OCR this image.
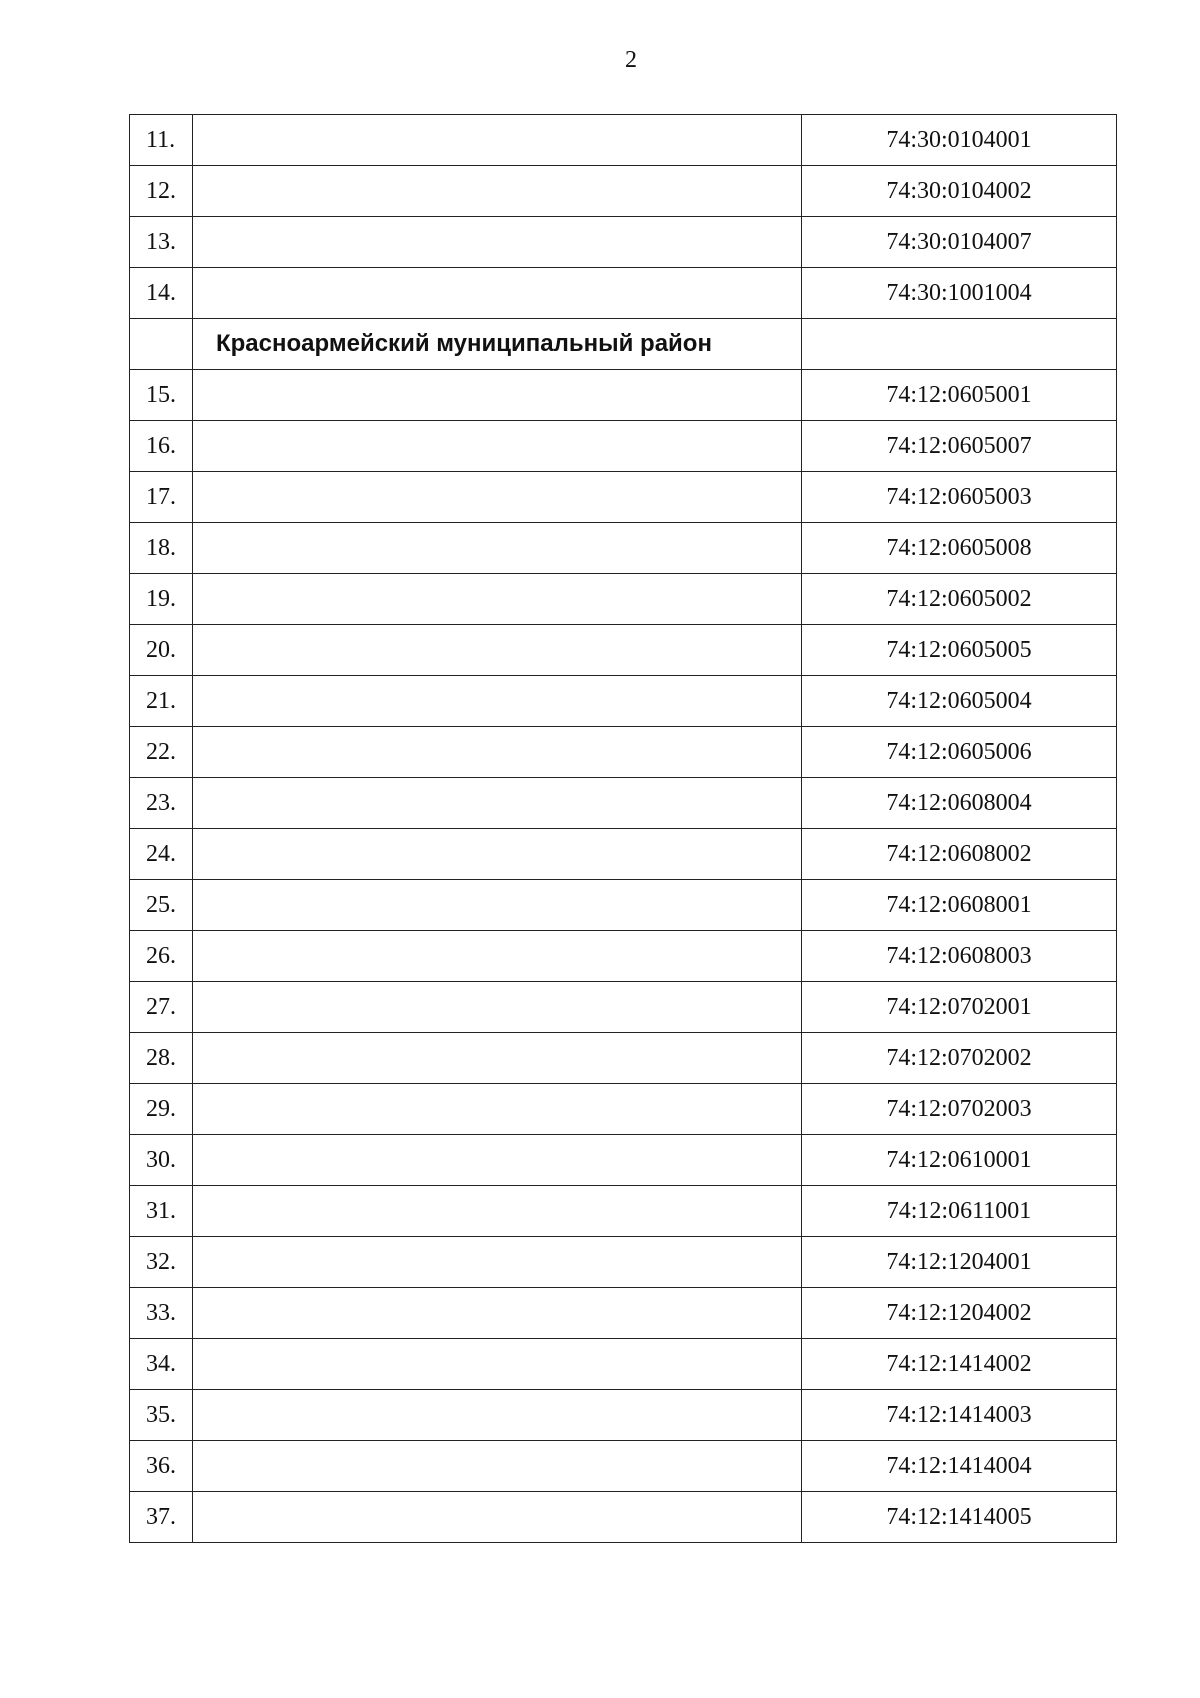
2
11.		74:30:0104001
12.		74:30:0104002
13.		74:30:0104007
14.		74:30:1001004
	Красноармейский муниципальный район	
15.		74:12:0605001
16.		74:12:0605007
17.		74:12:0605003
18.		74:12:0605008
19.		74:12:0605002
20.		74:12:0605005
21.		74:12:0605004
22.		74:12:0605006
23.		74:12:0608004
24.		74:12:0608002
25.		74:12:0608001
26.		74:12:0608003
27.		74:12:0702001
28.		74:12:0702002
29.		74:12:0702003
30.		74:12:0610001
31.		74:12:0611001
32.		74:12:1204001
33.		74:12:1204002
34.		74:12:1414002
35.		74:12:1414003
36.		74:12:1414004
37.		74:12:1414005
